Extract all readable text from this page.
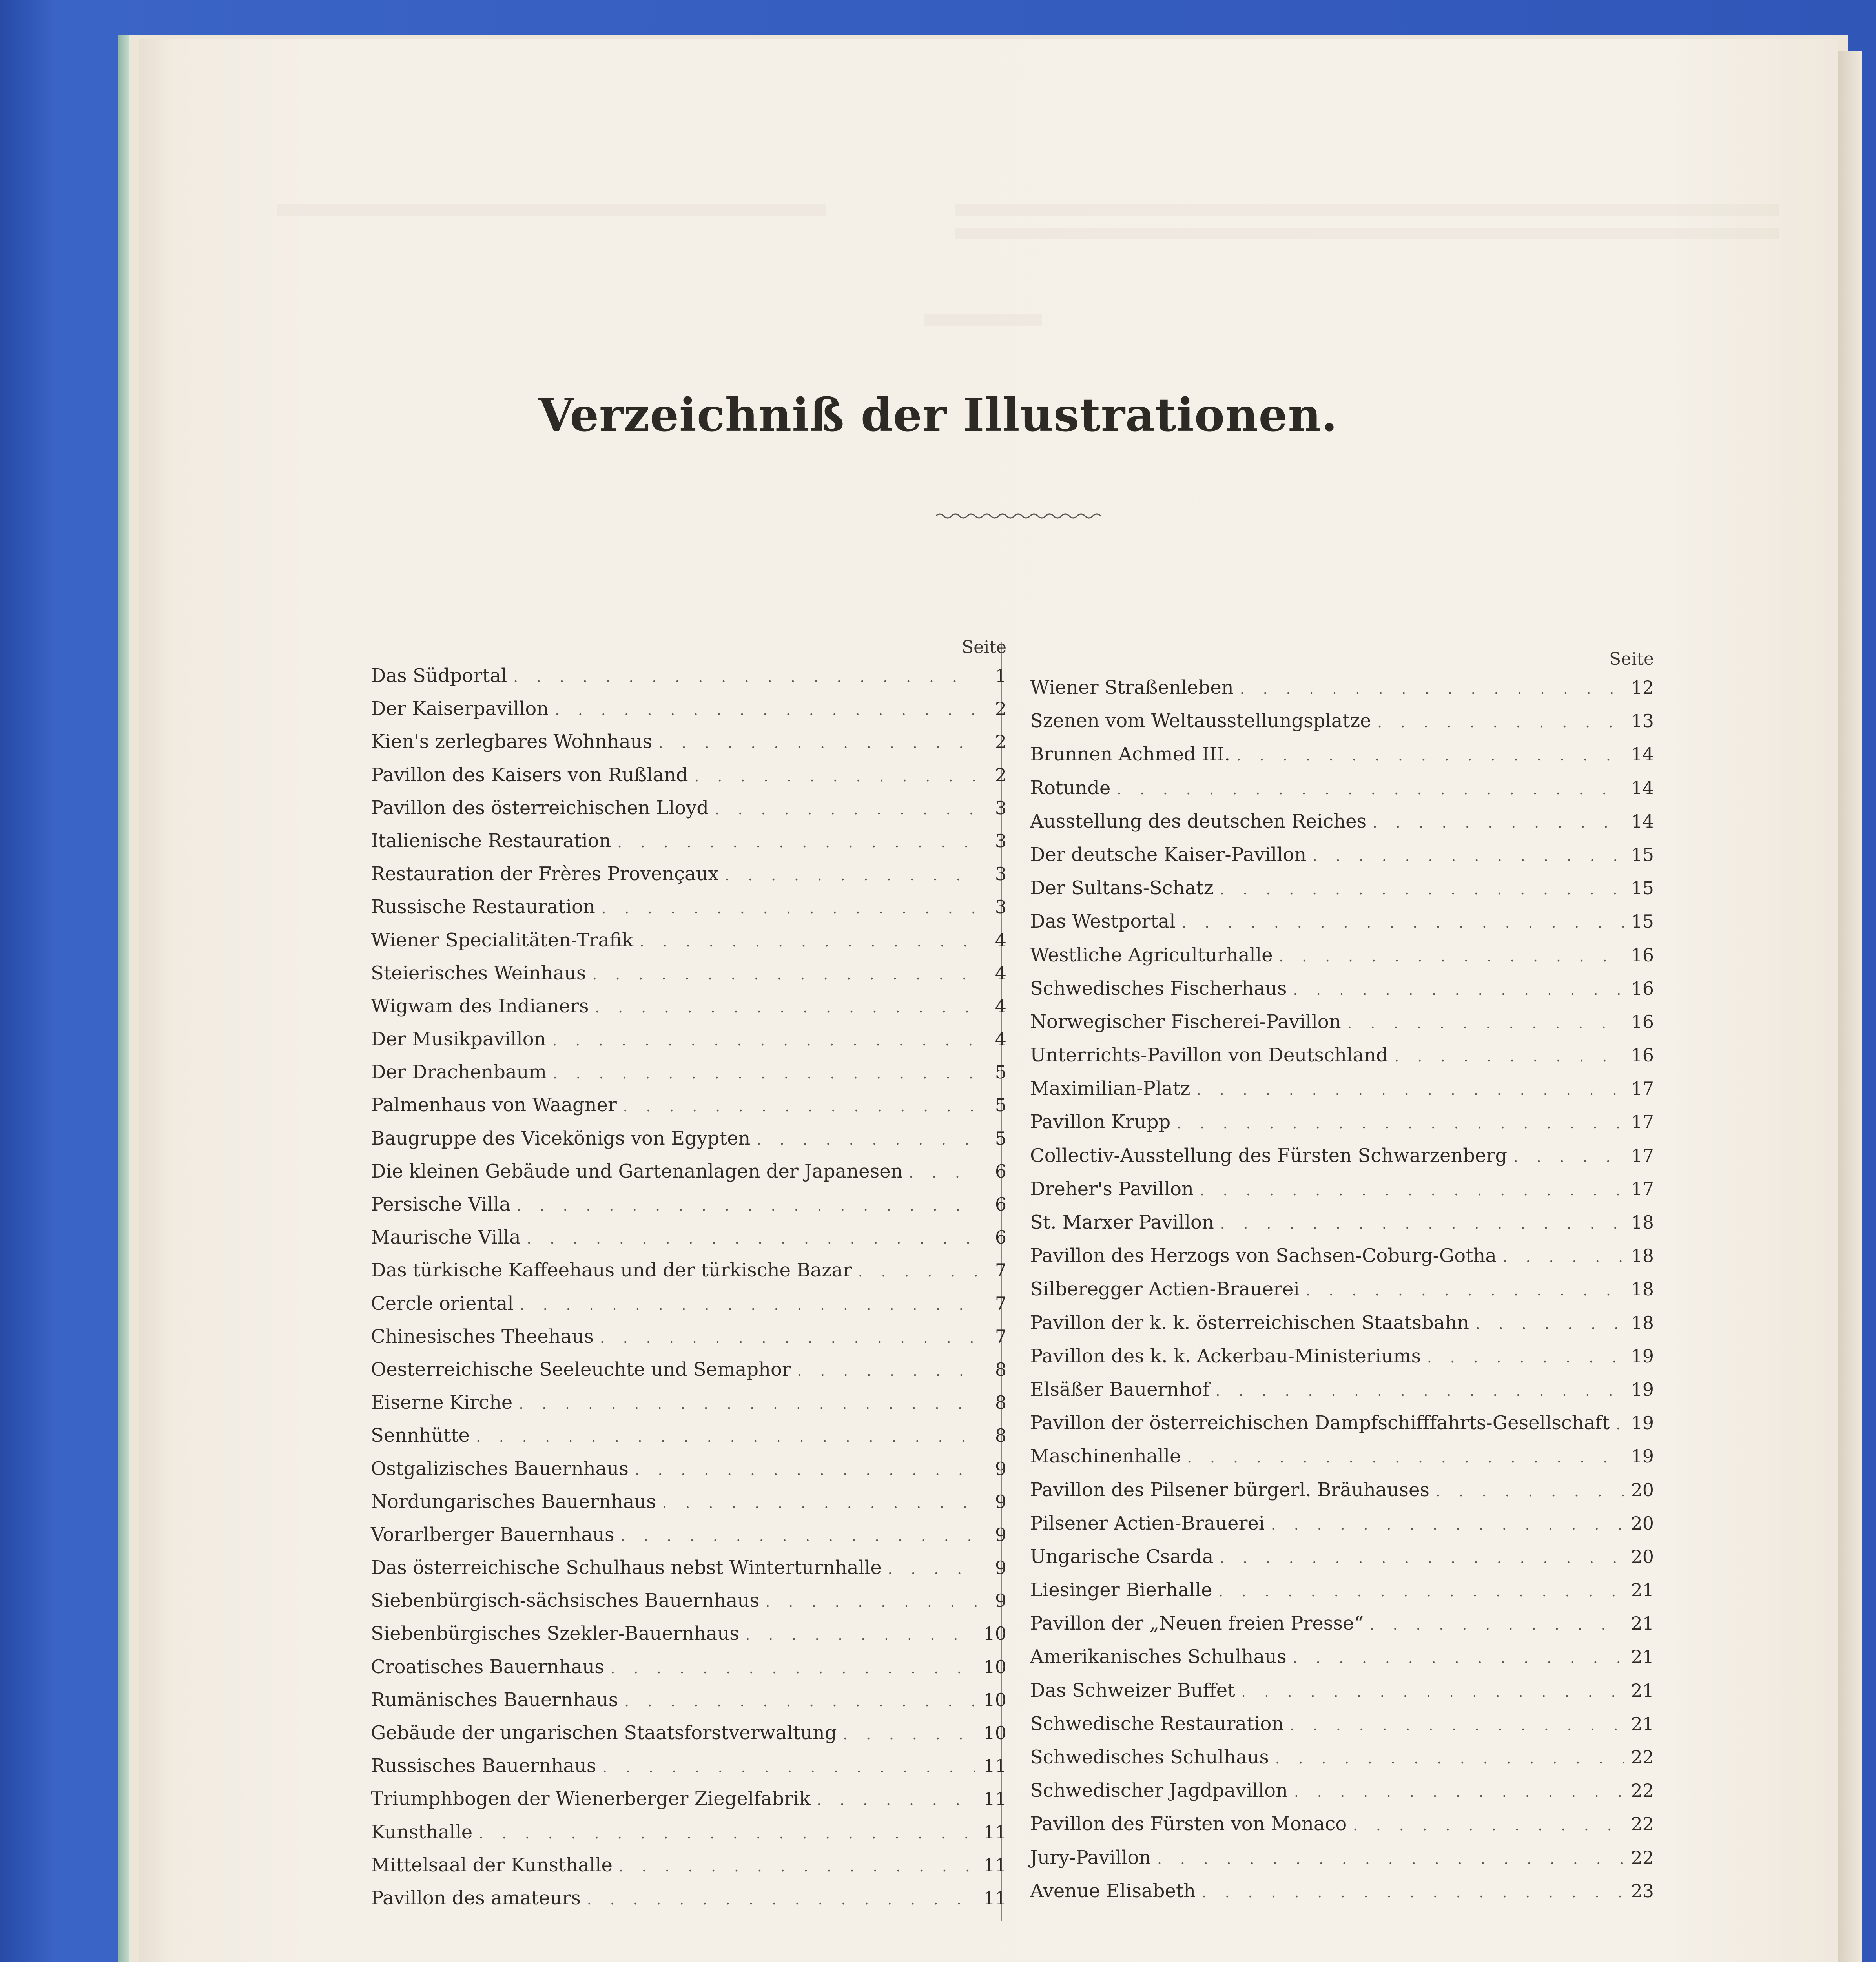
Verzeichniß der Illustrationen.
Seite
Das Südportal . . .	1
Der Kaiserpavillon . . .	2
Kien's zerlegbares Wohnhaus . . .	2
Pavillon des Kaisers von Rußland . . .	2
Pavillon des österreichischen Lloyd . . .	3
Italienische Restauration . . .	3
Restauration der Frères Provençaux . . .	3
Russische Restauration . . .	3
Wiener Specialitäten-Trafik . . .	4
Steierisches Weinhaus . . .	4
Wigwam des Indianers . . .	4
Der Musikpavillon . . .	4
Der Drachenbaum . . .	5
Palmenhaus von Waagner . . .	5
Baugruppe des Vicekönigs von Egypten . . .	5
Die kleinen Gebäude und Gartenanlagen der Japanesen . . .	6
Persische Villa . . .	6
Maurische Villa . . .	6
Das türkische Kaffeehaus und der türkische Bazar . . .	7
Cercle oriental . . .	7
Chinesisches Theehaus . . .	7
Oesterreichische Seeleuchte und Semaphor . . .	8
Eiserne Kirche . . .	8
Sennhütte . . .	8
Ostgalizisches Bauernhaus . . .	9
Nordungarisches Bauernhaus . . .	9
Vorarlberger Bauernhaus . . .	9
Das österreichische Schulhaus nebst Winterturnhalle . . .	9
Siebenbürgisch-sächsisches Bauernhaus . . .	9
Siebenbürgisches Szekler-Bauernhaus . . .	10
Croatisches Bauernhaus . . .	10
Rumänisches Bauernhaus . . .	10
Gebäude der ungarischen Staatsforstverwaltung . . .	10
Russisches Bauernhaus . . .	11
Triumphbogen der Wienerberger Ziegelfabrik . . .	11
Kunsthalle . . .	11
Mittelsaal der Kunsthalle . . .	11
Pavillon des amateurs . . .	11
Seite
Wiener Straßenleben . . .	12
Szenen vom Weltausstellungsplatze . . .	13
Brunnen Achmed III. . . .	14
Rotunde . . .	14
Ausstellung des deutschen Reiches . . .	14
Der deutsche Kaiser-Pavillon . . .	15
Der Sultans-Schatz . . .	15
Das Westportal . . .	15
Westliche Agriculturhalle . . .	16
Schwedisches Fischerhaus . . .	16
Norwegischer Fischerei-Pavillon . . .	16
Unterrichts-Pavillon von Deutschland . . .	16
Maximilian-Platz . . .	17
Pavillon Krupp . . .	17
Collectiv-Ausstellung des Fürsten Schwarzenberg . . .	17
Dreher's Pavillon . . .	17
St. Marxer Pavillon . . .	18
Pavillon des Herzogs von Sachsen-Coburg-Gotha . . .	18
Silberegger Actien-Brauerei . . .	18
Pavillon der k. k. österreichischen Staatsbahn . . .	18
Pavillon des k. k. Ackerbau-Ministeriums . . .	19
Elsäßer Bauernhof . . .	19
Pavillon der österreichischen Dampfschifffahrts-Gesellschaft . . . 19
Maschinenhalle . . .	19
Pavillon des Pilsener bürgerl. Bräuhauses . . .	20
Pilsener Actien-Brauerei . . .	20
Ungarische Csarda . . .	20
Liesinger Bierhalle . . .	21
Pavillon der „Neuen freien Presse“ . . .	21
Amerikanisches Schulhaus . . .	21
Das Schweizer Buffet . . .	21
Schwedische Restauration . . .	21
Schwedisches Schulhaus . . .	22
Schwedischer Jagdpavillon . . .	22
Pavillon des Fürsten von Monaco . . .	22
Jury-Pavillon . . .	22
Avenue Elisabeth . . .	23
